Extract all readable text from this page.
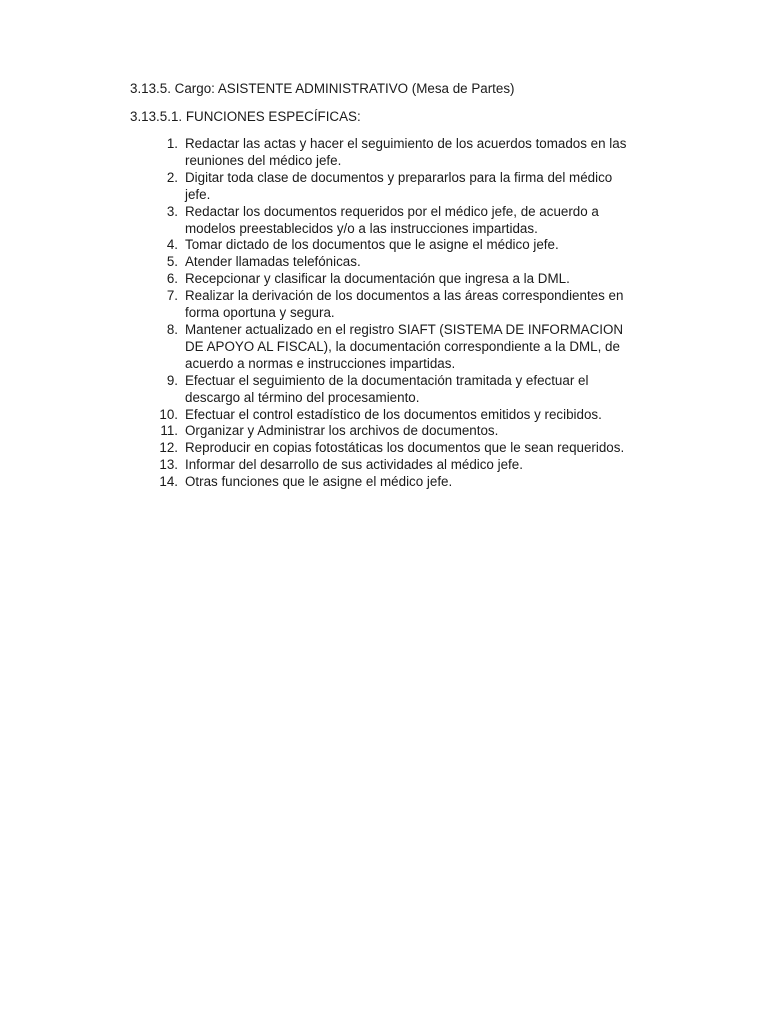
3.13.5. Cargo: ASISTENTE ADMINISTRATIVO (Mesa de Partes)

3.13.5.1. FUNCIONES ESPECÍFICAS:

1. Redactar las actas y hacer el seguimiento de los acuerdos tomados en las reuniones del médico jefe.
2. Digitar toda clase de documentos y prepararlos para la firma del médico jefe.
3. Redactar los documentos requeridos por el médico jefe, de acuerdo a modelos preestablecidos y/o a las instrucciones impartidas.
4. Tomar dictado de los documentos que le asigne el médico jefe.
5. Atender llamadas telefónicas.
6. Recepcionar y clasificar la documentación que ingresa a la DML.
7. Realizar la derivación de los documentos a las áreas correspondientes en forma oportuna y segura.
8. Mantener actualizado en el registro SIAFT (SISTEMA DE INFORMACION DE APOYO AL FISCAL), la documentación correspondiente a la DML, de acuerdo a normas e instrucciones impartidas.
9. Efectuar el seguimiento de la documentación tramitada y efectuar el descargo al término del procesamiento.
10. Efectuar el control estadístico de los documentos emitidos y recibidos.
11. Organizar y Administrar los archivos de documentos.
12. Reproducir en copias fotostáticas los documentos que le sean requeridos.
13. Informar del desarrollo de sus actividades al médico jefe.
14. Otras funciones que le asigne el médico jefe.
